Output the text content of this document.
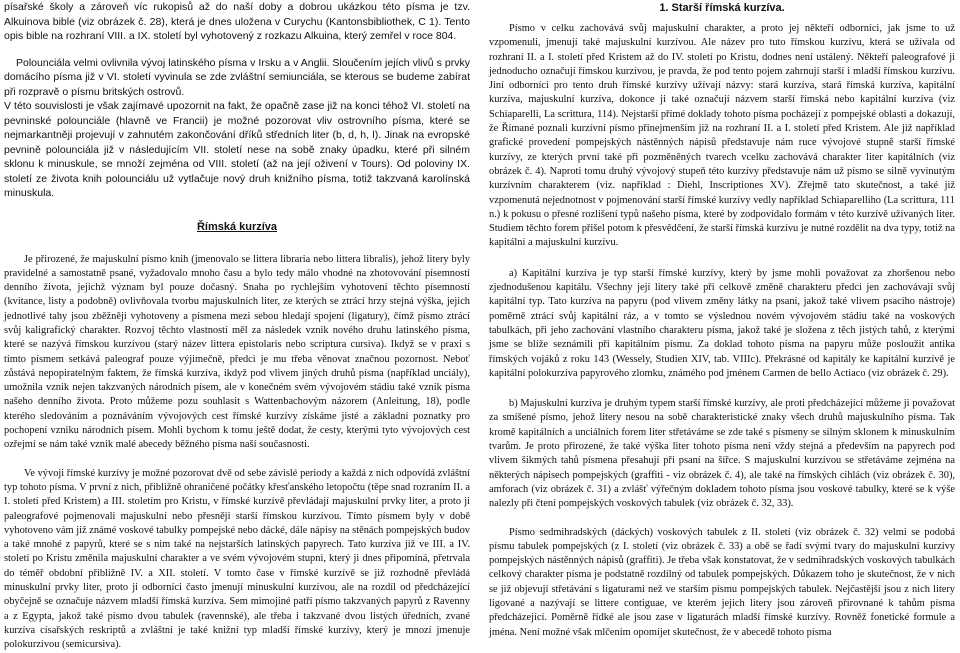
písařské školy a zároveň víc rukopisů až do naší doby a dobrou ukázkou této písma je tzv. Alkuinova bible (viz obrázek č. 28), která je dnes uložena v Curychu (Kantonsbibliothek, C 1). Tento opis bible na rozhraní VIII. a IX. století byl vyhotovený z rozkazu Alkuina, který zemřel v roce 804.

Polounciála velmi ovlivnila vývoj latinského písma v Irsku a v Anglii. Sloučením jejích vlivů s prvky domácího písma již v VI. století vyvinula se zde zvláštní semiunciála, se kterous se budeme zabírat při rozpravě o písmu britských ostrovů.

V této souvislosti je však zajímavé upozornit na fakt, že opačně zase již na konci téhož VI. století na pevninské polounciále (hlavně ve Francii) je možné pozorovat vliv ostrovního písma, které se nejmarkantněji projevují v zahnutém zakončování dříků středních liter (b, d, h, l). Jinak na evropské pevnině polounciála již v následujícím VII. století nese na sobě znaky úpadku, které při silném sklonu k minuskule, se množí zejména od VIII. století (až na její oživení v Tours). Od poloviny IX. století ze života knih polounciálu už vytlačuje nový druh knižního písma, totiž takzvaná karolínská minuskula.

Římská kurzíva

Je přirozené, že majuskulní písmo knih (jmenovalo se littera libraria nebo littera libralis), jehož litery byly pravidelné a samostatně psané, vyžadovalo mnoho času a bylo tedy málo vhodné na zhotovování písemností denního života, jejichž význam byl pouze dočasný. Snaha po rychlejším vyhotovení těchto písemností (kvitance, listy a podobně) ovlivňovala tvorbu majuskulních liter, ze kterých se ztrácí hrzy stejná výška, jejich jednotlivé tahy jsou zběžněji vyhotoveny a písmena mezi sebou hledají spojení (ligatury), čímž písmo ztrácí svůj kaligrafický charakter. Rozvoj těchto vlastností měl za následek vznik nového druhu latinského písma, které se nazývá římskou kurzívou (starý název littera epistolaris nebo scriptura cursiva). Ikdyž se v praxi s tímto písmem setkává paleograf pouze výjimečně, předci je mu třeba věnovat značnou pozornost. Neboť zůstává nepopiratelným faktem, že římská kurzíva, ikdyž pod vlivem jiných druhů písma (například unciály), umožnila vznik nejen takzvaných národních písem, ale v konečném svém vývojovém stádiu také vznik písma našeho denního života. Proto můžeme pozu souhlasit s Wattenbachovým názorem (Anleitung, 18), podle kterého sledováním a poznáváním vývojových cest římské kurzívy získáme jisté a základní poznatky pro pochopení vzniku národních písem. Mohli bychom k tomu ještě dodat, že cesty, kterými tyto vývojových cest ozřejmí se nám také vznik malé abecedy běžného písma naší současnosti.

Ve vývoji římské kurzívy je možné pozorovat dvě od sebe závislé periody a každá z nich odpovídá zvláštní typ tohoto písma. V první z nich, přibližně ohraničené počátky křesťanského letopočtu (těpe snad rozraním II. a I. století před Kristem) a III. stoletím pro Kristu, v římské kurzívě převládají majuskulní prvky liter, a proto ji paleografové pojmenovali majuskulní nebo přesněji starší římskou kurzívou. Tímto písmem byly v době vyhotoveno vám již známé voskové tabulky pompejské nebo dácké, dále nápisy na stěnách pompejských budov a také mnohé z papyrů, které se s nim také na nejstarších latinských papyrech. Tato kurzíva již ve III. a IV. století po Kristu změnila majuskulní charakter a ve svém vývojovém stupni, který ji dnes připomíná, přetrvala do téměř obdobní přibližně IV. a XII. století. V tomto čase v římské kurzívě se již rozhodně převládá minuskulní prvky liter, proto ji odborníci často jmenují minuskulní kurzívou, ale na rozdíl od předcházející obyčejně se označuje názvem mladší římská kurzíva. Sem mimojiné patří písmo takzvaných papyrů z Ravenny a z Egypta, jakož také písmo dvou tabulek (ravennské), ale třeba i takzvané dvou listých úředních, zvané kurzíva císařských reskriptů a zvláštní je také knižní typ mladší římské kurzívy, který je mnozí jmenuje polokurzívou (semicursiva).

1. Starší římská kurzíva.

Písmo v celku zachovává svůj majuskulní charakter, a proto jej někteří odborníci, jak jsme to už vzpomenuli, jmenují také majuskulní kurzívou. Ale název pro tuto římskou kurzívu, která se užívala od rozhraní II. a I. století před Kristem až do IV. století po Kristu, dodnes není ustálený. Někteří paleografové ji jednoducho označují římskou kurzívou, je pravda, že pod tento pojem zahrnují starší i mladší římskou kurzívu. Jiní odborníci pro tento druh římské kurzívy užívají názvy: stará kurzíva, stará římská kurzíva, kapitální kurzíva, majuskulní kurzíva, dokonce ji také označují názvem starší římská nebo kapitální kurzíva (viz Schiaparelli, La scrittura, 114). Nejstarší přímé doklady tohoto písma pocházejí z pompejské oblasti a dokazují, že Římané poznali kurzívní písmo přinejmenším již na rozhraní II. a I. století před Kristem. Ale již například grafické provedení pompejských nástěnných nápisů představuje nám ruce vývojové stupně starší římské kurzívy, ze kterých první také při pozměněných tvarech vcelku zachovává charakter liter kapitálních (viz obrázek č. 4). Naproti tomu druhý vývojový stupeň této kurzívy představuje nám už písmo se silně vyvinutým kurzívním charakterem (viz. například : Diehl, Inscriptiones XV). Zřejmě tato skutečnost, a také již vzpomenutá nejednotnost v pojmenování starší římské kurzívy vedly například Schiaparelliho (La scrittura, 111 n.) k pokusu o přesné rozlišení typů našeho písma, které by zodpovídalo formám v této kurzívě užívaných liter. Studiem těchto forem přišel potom k přesvědčení, že starší římská kurzívu je nutné rozdělit na dva typy, totiž na kapitální a majuskulní kurzívu.

a) Kapitální kurzíva je typ starší římské kurzívy, který by jsme mohli považovat za zhoršenou nebo zjednodušenou kapitálu. Všechny její litery také při celkově změně charakteru předci jen zachovávají svůj kapitální typ. Tato kurzíva na papyru (pod vlivem změny látky na psaní, jakož také vlivem psacího nástroje) poměrně ztrácí svůj kapitální ráz, a v tomto se výslednou novém vývojovém stádiu také na voskových tabulkách, při jeho zachování vlastního charakteru písma, jakož také je složena z těch jistých tahů, z kterými jsme se blíže seznámili při kapitálním písmu. Za doklad tohoto písma na papyru může posloužit antika římských vojáků z roku 143 (Wessely, Studien XIV, tab. VIIIc). Překrásné od kapitály ke kapitální kurzívě je kapitální polokurzíva papyrového zlomku, známého pod jménem Carmen de bello Actiaco (viz obrázek č. 29).

b) Majuskulní kurzíva je druhým typem starší římské kurzívy, ale proti předcházející můžeme ji považovat za smíšené písmo, jehož litery nesou na sobě charakteristické znaky všech druhů majuskulního písma. Tak kromě kapitálních a unciálních forem liter střetáváme se zde také s písmeny se silným sklonem k minuskulním tvarům. Je proto přirozené, že také výška liter tohoto písma není vždy stejná a především na papyrech pod vlivem šikmých tahů písmena přesahují při psaní na šířce. S majuskulní kurzívou se střetáváme zejména na některých nápisech pompejských (graffiti - viz obrázek č. 4), ale také na římských cihlách (viz obrázek č. 30), amforach (viz obrázek č. 31) a zvlášť výřečným dokladem tohoto písma jsou voskové tabulky, které se k výše nalezly při čtení pompejských voskových tabulek (viz obrázek č. 32, 33).

Písmo sedmihradských (dáckých) voskových tabulek z II. století (viz obrázek č. 32) velmi se podobá písmu tabulek pompejských (z I. století (viz obrázek č. 33) a obě se řadí svými tvary do majuskulní kurzívy pompejských nástěnných nápisů (graffiti). Je třeba však konstatovat, že v sedmihradských voskových tabulkách celkový charakter písma je podstatně rozdílný od tabulek pompejských. Důkazem toho je skutečnost, že v nich se již objevují střetávání s ligaturami než ve starším písmu pompejských tabulek. Nejčastější jsou z nich litery ligované a nazývají se littere contiguae, ve kterém jejich litery jsou zároveň přirovnané k tahům písma předcházející. Poměrně řídké ale jsou zase v ligaturách mladší římské kurzívy. Rovněž fonetické formule a jména. Není možné však mlčením opomíjet skutečnost, že v abecedě tohoto písma
